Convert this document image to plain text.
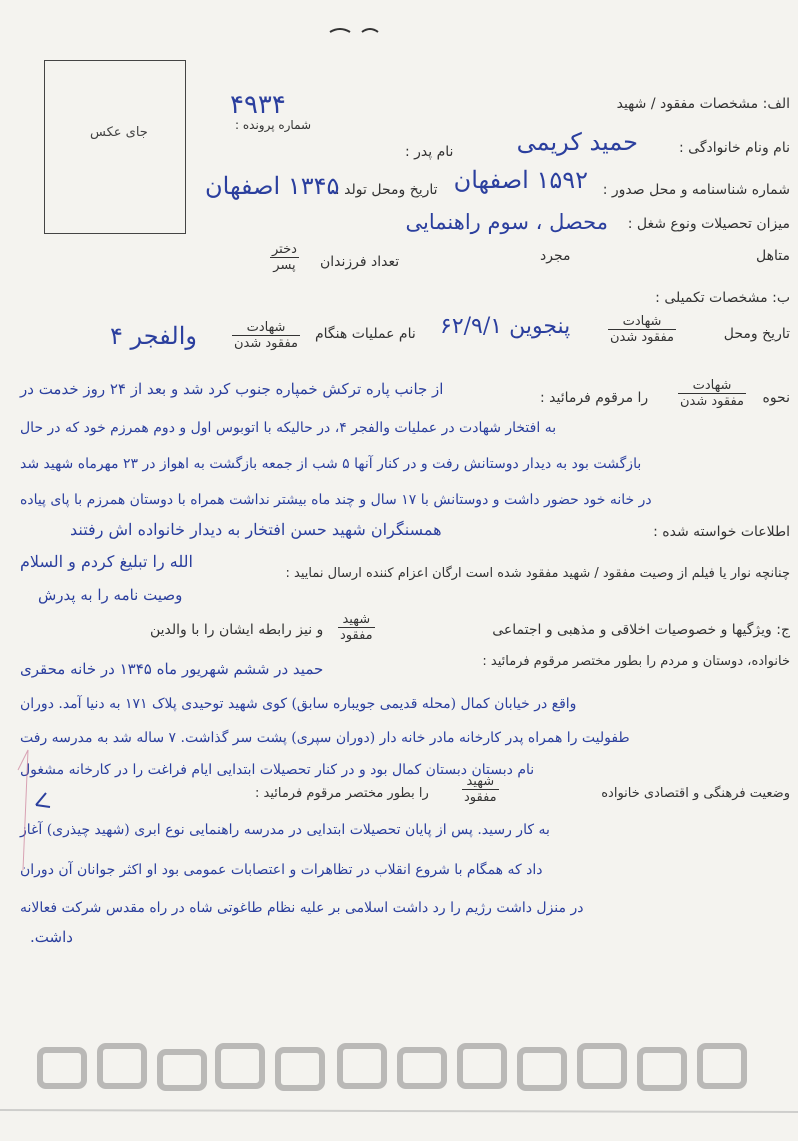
جای عکس
۴۹۳۴
شماره پرونده :
الف: مشخصات مفقود / شهید
نام ونام خانوادگی :
حمید کریمی
نام پدر :
شماره شناسنامه و محل صدور :
۱۵۹۲ اصفهان
تاریخ ومحل تولد :
۱۳۴۵ اصفهان
میزان تحصیلات ونوع شغل :
محصل ، سوم راهنمایی
متاهل
مجرد
تعداد فرزندان
دختر
پسر
ب: مشخصات تکمیلی :
تاریخ ومحل
شهادت
مفقود شدن
پنجوین ۶۲/۹/۱
نام عملیات هنگام
شهادت
مفقود شدن
والفجر ۴
نحوه
شهادت
مفقود شدن
را مرقوم فرمائید :
از جانب پاره ترکش خمپاره جنوب کرد شد و بعد از ۲۴ روز خدمت در
به افتخار شهادت در عملیات والفجر ۴، در حالیکه با اتوبوس اول و دوم همرزم خود که در حال
بازگشت بود به دیدار دوستانش رفت و در کنار آنها ۵ شب از جمعه بازگشت به اهواز در ۲۳ مهرماه شهید شد
در خانه خود حضور داشت و دوستانش با ۱۷ سال و چند ماه بیشتر نداشت همراه با دوستان همرزم با پای پیاده
اطلاعات خواسته شده :
همسنگران شهید حسن افتخار به دیدار خانواده اش رفتند
چنانچه نوار یا فیلم از وصیت مفقود / شهید مفقود شده است ارگان اعزام کننده ارسال نمایید :
الله را تبلیغ کردم و السلام
وصیت نامه را به پدرش
ج: ویژگیها و خصوصیات اخلاقی و مذهبی و اجتماعی
شهید
مفقود
و نیز رابطه ایشان را با والدین
خانواده، دوستان و مردم را بطور مختصر مرقوم فرمائید :
حمید در ششم شهریور ماه ۱۳۴۵ در خانه محقری
واقع در خیابان کمال (محله قدیمی جویباره سابق) کوی شهید توحیدی پلاک ۱۷۱ به دنیا آمد. دوران
طفولیت را همراه پدر کارخانه مادر خانه دار (دوران سپری) پشت سر گذاشت. ۷ ساله شد به مدرسه رفت
نام دبستان دبستان کمال بود و در کنار تحصیلات ابتدایی ایام فراغت را در کارخانه مشغول
وضعیت فرهنگی و اقتصادی خانواده
شهید
مفقود
را بطور مختصر مرقوم فرمائید :
به کار رسید. پس از پایان تحصیلات ابتدایی در مدرسه راهنمایی نوع ابری (شهید چیذری) آغاز
داد که همگام با شروع انقلاب در تظاهرات و اعتصابات عمومی بود او اکثر جوانان آن دوران
در منزل داشت رژیم را رد داشت اسلامی بر علیه نظام طاغوتی شاه در راه مقدس شرکت فعالانه
داشت.
